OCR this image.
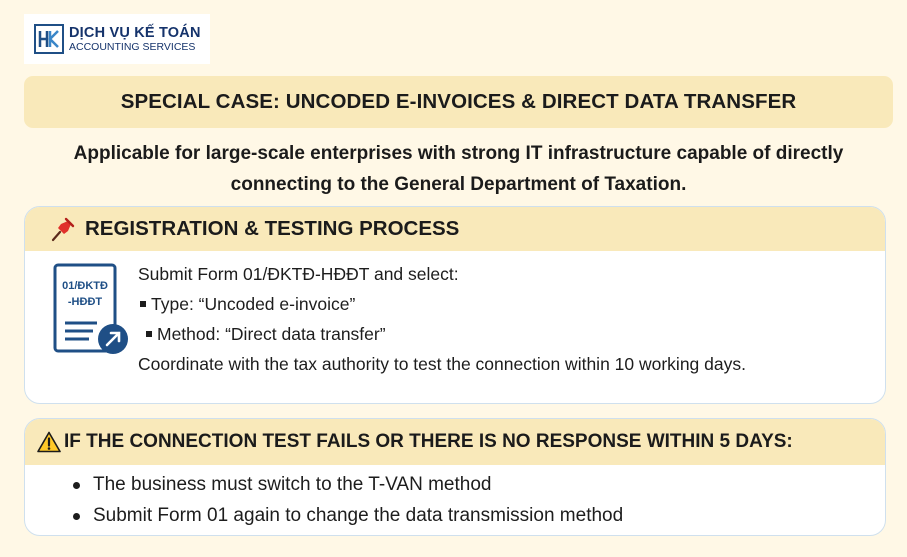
DỊCH VỤ KẾ TOÁN
ACCOUNTING SERVICES
SPECIAL CASE: UNCODED E-INVOICES & DIRECT DATA TRANSFER
Applicable for large-scale enterprises with strong IT infrastructure capable of directly connecting to the General Department of Taxation.
REGISTRATION & TESTING PROCESS
01/ĐKTĐ
-HĐĐT
Submit Form 01/ĐKTĐ-HĐĐT and select:
Type: “Uncoded e-invoice”
Method: “Direct data transfer”
Coordinate with the tax authority to test the connection within 10 working days.
IF THE CONNECTION TEST FAILS OR THERE IS NO RESPONSE WITHIN 5 DAYS:
The business must switch to the T-VAN method
Submit Form 01 again to change the data transmission method
